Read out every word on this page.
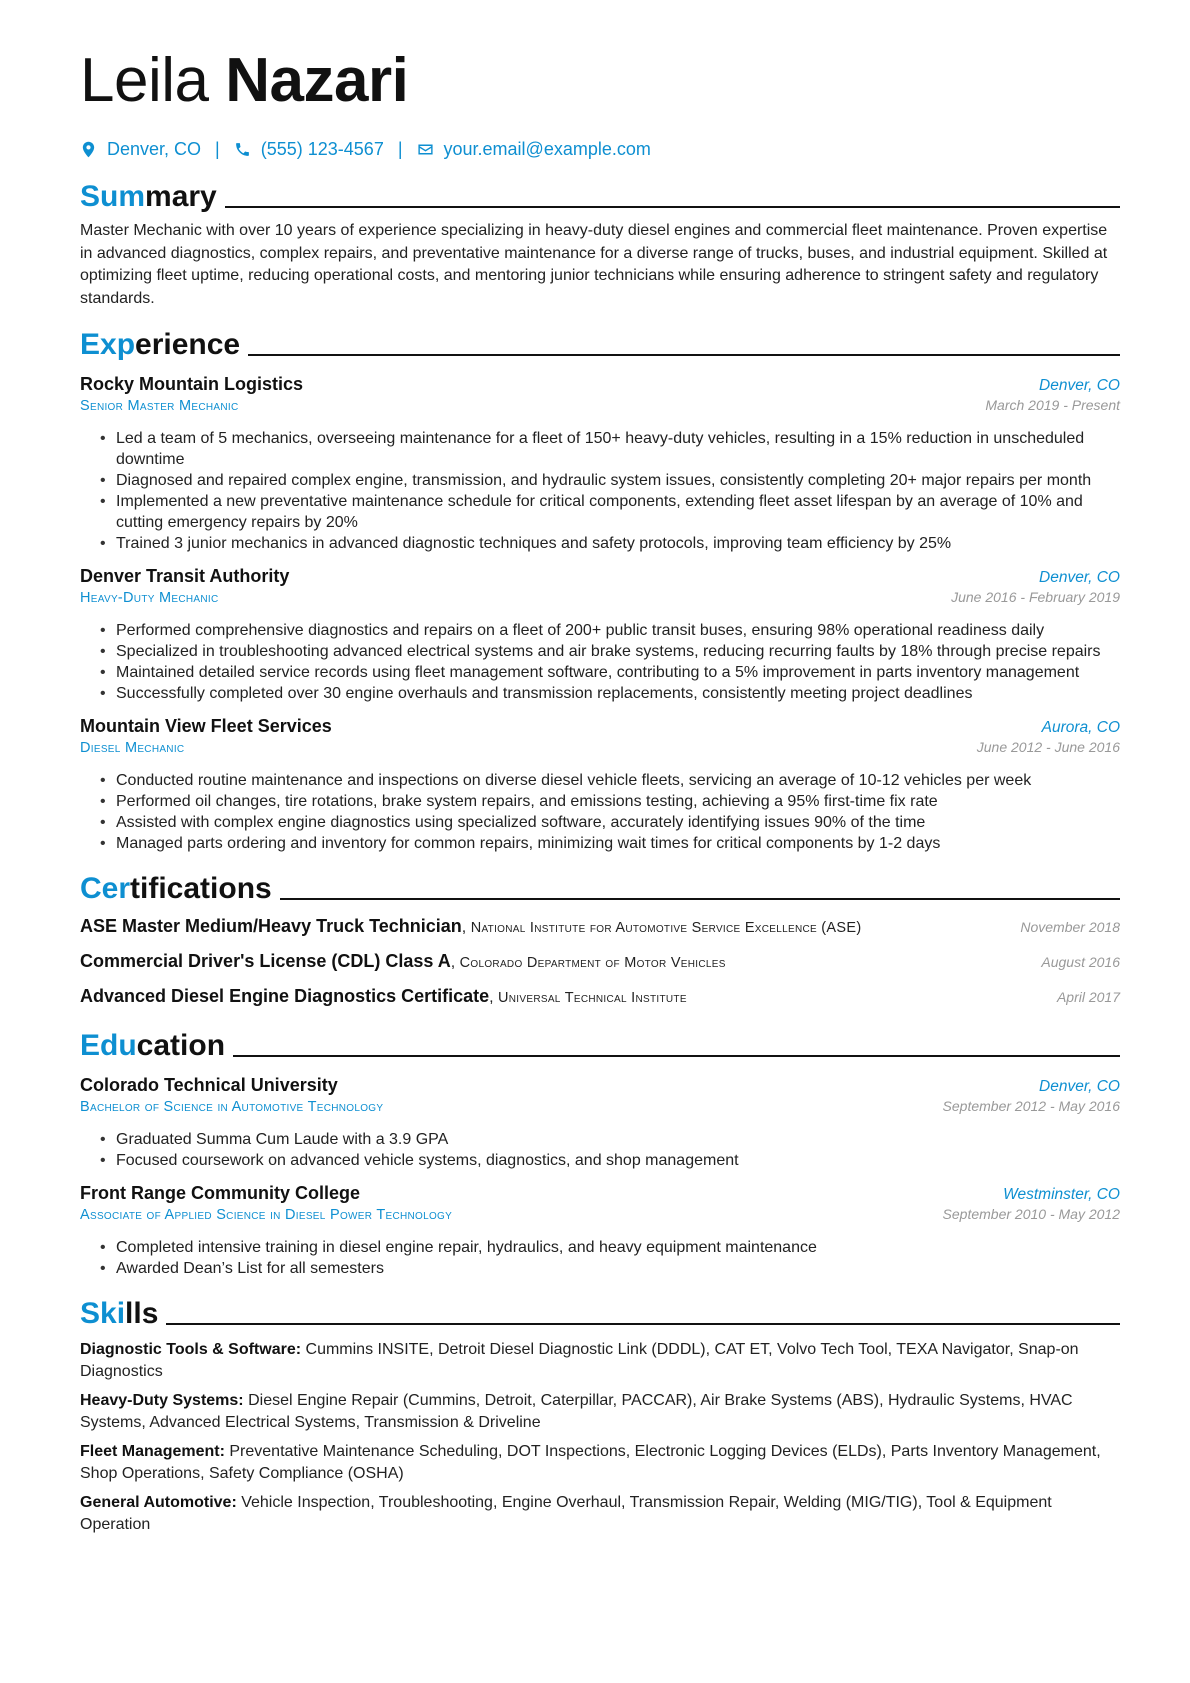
Leila Nazari
Denver, CO | (555) 123-4567 | your.email@example.com
Summary

Master Mechanic with over 10 years of experience specializing in heavy-duty diesel engines and commercial fleet maintenance. Proven expertise in advanced diagnostics, complex repairs, and preventative maintenance for a diverse range of trucks, buses, and industrial equipment. Skilled at optimizing fleet uptime, reducing operational costs, and mentoring junior technicians while ensuring adherence to stringent safety and regulatory standards.

Experience
Rocky Mountain Logistics	Denver, CO
Senior Master Mechanic	March 2019 - Present
• Led a team of 5 mechanics, overseeing maintenance for a fleet of 150+ heavy-duty vehicles, resulting in a 15% reduction in unscheduled downtime
• Diagnosed and repaired complex engine, transmission, and hydraulic system issues, consistently completing 20+ major repairs per month
• Implemented a new preventative maintenance schedule for critical components, extending fleet asset lifespan by an average of 10% and cutting emergency repairs by 20%
• Trained 3 junior mechanics in advanced diagnostic techniques and safety protocols, improving team efficiency by 25%
Denver Transit Authority	Denver, CO
Heavy-Duty Mechanic	June 2016 - February 2019
• Performed comprehensive diagnostics and repairs on a fleet of 200+ public transit buses, ensuring 98% operational readiness daily
• Specialized in troubleshooting advanced electrical systems and air brake systems, reducing recurring faults by 18% through precise repairs
• Maintained detailed service records using fleet management software, contributing to a 5% improvement in parts inventory management
• Successfully completed over 30 engine overhauls and transmission replacements, consistently meeting project deadlines
Mountain View Fleet Services	Aurora, CO
Diesel Mechanic	June 2012 - June 2016
• Conducted routine maintenance and inspections on diverse diesel vehicle fleets, servicing an average of 10-12 vehicles per week
• Performed oil changes, tire rotations, brake system repairs, and emissions testing, achieving a 95% first-time fix rate
• Assisted with complex engine diagnostics using specialized software, accurately identifying issues 90% of the time
• Managed parts ordering and inventory for common repairs, minimizing wait times for critical components by 1-2 days
Certifications
ASE Master Medium/Heavy Truck Technician, National Institute for Automotive Service Excellence (ASE)	November 2018
Commercial Driver's License (CDL) Class A, Colorado Department of Motor Vehicles	August 2016
Advanced Diesel Engine Diagnostics Certificate, Universal Technical Institute	April 2017
Education
Colorado Technical University	Denver, CO
Bachelor of Science in Automotive Technology	September 2012 - May 2016
• Graduated Summa Cum Laude with a 3.9 GPA
• Focused coursework on advanced vehicle systems, diagnostics, and shop management
Front Range Community College	Westminster, CO
Associate of Applied Science in Diesel Power Technology	September 2010 - May 2012
• Completed intensive training in diesel engine repair, hydraulics, and heavy equipment maintenance
• Awarded Dean’s List for all semesters
Skills
Diagnostic Tools & Software: Cummins INSITE, Detroit Diesel Diagnostic Link (DDDL), CAT ET, Volvo Tech Tool, TEXA Navigator, Snap-on Diagnostics
Heavy-Duty Systems: Diesel Engine Repair (Cummins, Detroit, Caterpillar, PACCAR), Air Brake Systems (ABS), Hydraulic Systems, HVAC Systems, Advanced Electrical Systems, Transmission & Driveline
Fleet Management: Preventative Maintenance Scheduling, DOT Inspections, Electronic Logging Devices (ELDs), Parts Inventory Management, Shop Operations, Safety Compliance (OSHA)
General Automotive: Vehicle Inspection, Troubleshooting, Engine Overhaul, Transmission Repair, Welding (MIG/TIG), Tool & Equipment Operation
